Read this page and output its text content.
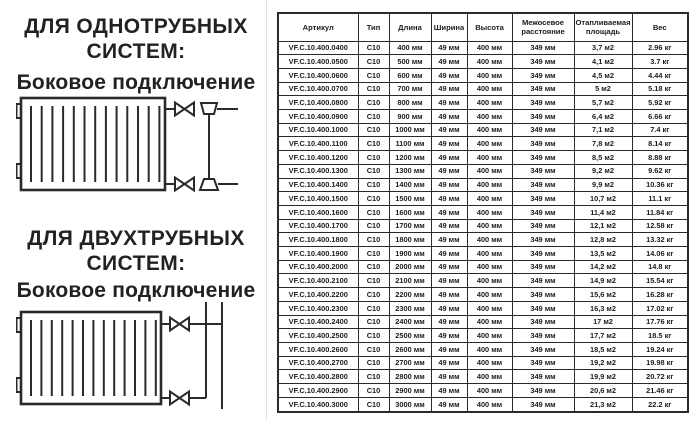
ДЛЯ ОДНОТРУБНЫХ
СИСТЕМ:
Боковое подключение
ДЛЯ ДВУХТРУБНЫХ
СИСТЕМ:
Боковое подключение
Артикул	Тип	Длина	Ширина	Высота	Межосевое расстояние	Отапливаемая площадь	Вес
VF.C.10.400.0400	C10	400 мм	49 мм	400 мм	349 мм	3,7 м2	2.96 кг
VF.C.10.400.0500	C10	500 мм	49 мм	400 мм	349 мм	4,1 м2	3.7 кг
VF.C.10.400.0600	C10	600 мм	49 мм	400 мм	349 мм	4,5 м2	4.44 кг
VF.C.10.400.0700	C10	700 мм	49 мм	400 мм	349 мм	5 м2	5.18 кг
VF.C.10.400.0800	C10	800 мм	49 мм	400 мм	349 мм	5,7 м2	5.92 кг
VF.C.10.400.0900	C10	900 мм	49 мм	400 мм	349 мм	6,4 м2	6.66 кг
VF.C.10.400.1000	C10	1000 мм	49 мм	400 мм	349 мм	7,1 м2	7.4 кг
VF.C.10.400.1100	C10	1100 мм	49 мм	400 мм	349 мм	7,8 м2	8.14 кг
VF.C.10.400.1200	C10	1200 мм	49 мм	400 мм	349 мм	8,5 м2	8.88 кг
VF.C.10.400.1300	C10	1300 мм	49 мм	400 мм	349 мм	9,2 м2	9.62 кг
VF.C.10.400.1400	C10	1400 мм	49 мм	400 мм	349 мм	9,9 м2	10.36 кг
VF.C.10.400.1500	C10	1500 мм	49 мм	400 мм	349 мм	10,7 м2	11.1 кг
VF.C.10.400.1600	C10	1600 мм	49 мм	400 мм	349 мм	11,4 м2	11.84 кг
VF.C.10.400.1700	C10	1700 мм	49 мм	400 мм	349 мм	12,1 м2	12.58 кг
VF.C.10.400.1800	C10	1800 мм	49 мм	400 мм	349 мм	12,8 м2	13.32 кг
VF.C.10.400.1900	C10	1900 мм	49 мм	400 мм	349 мм	13,5 м2	14.06 кг
VF.C.10.400.2000	C10	2000 мм	49 мм	400 мм	349 мм	14,2 м2	14.8 кг
VF.C.10.400.2100	C10	2100 мм	49 мм	400 мм	349 мм	14,9 м2	15.54 кг
VF.C.10.400.2200	C10	2200 мм	49 мм	400 мм	349 мм	15,6 м2	16.28 кг
VF.C.10.400.2300	C10	2300 мм	49 мм	400 мм	349 мм	16,3 м2	17.02 кг
VF.C.10.400.2400	C10	2400 мм	49 мм	400 мм	349 мм	17 м2	17.76 кг
VF.C.10.400.2500	C10	2500 мм	49 мм	400 мм	349 мм	17,7 м2	18.5 кг
VF.C.10.400.2600	C10	2600 мм	49 мм	400 мм	349 мм	18,5 м2	19.24 кг
VF.C.10.400.2700	C10	2700 мм	49 мм	400 мм	349 мм	19,2 м2	19.98 кг
VF.C.10.400.2800	C10	2800 мм	49 мм	400 мм	349 мм	19,9 м2	20.72 кг
VF.C.10.400.2900	C10	2900 мм	49 мм	400 мм	349 мм	20,6 м2	21.46 кг
VF.C.10.400.3000	C10	3000 мм	49 мм	400 мм	349 мм	21,3 м2	22.2 кг
